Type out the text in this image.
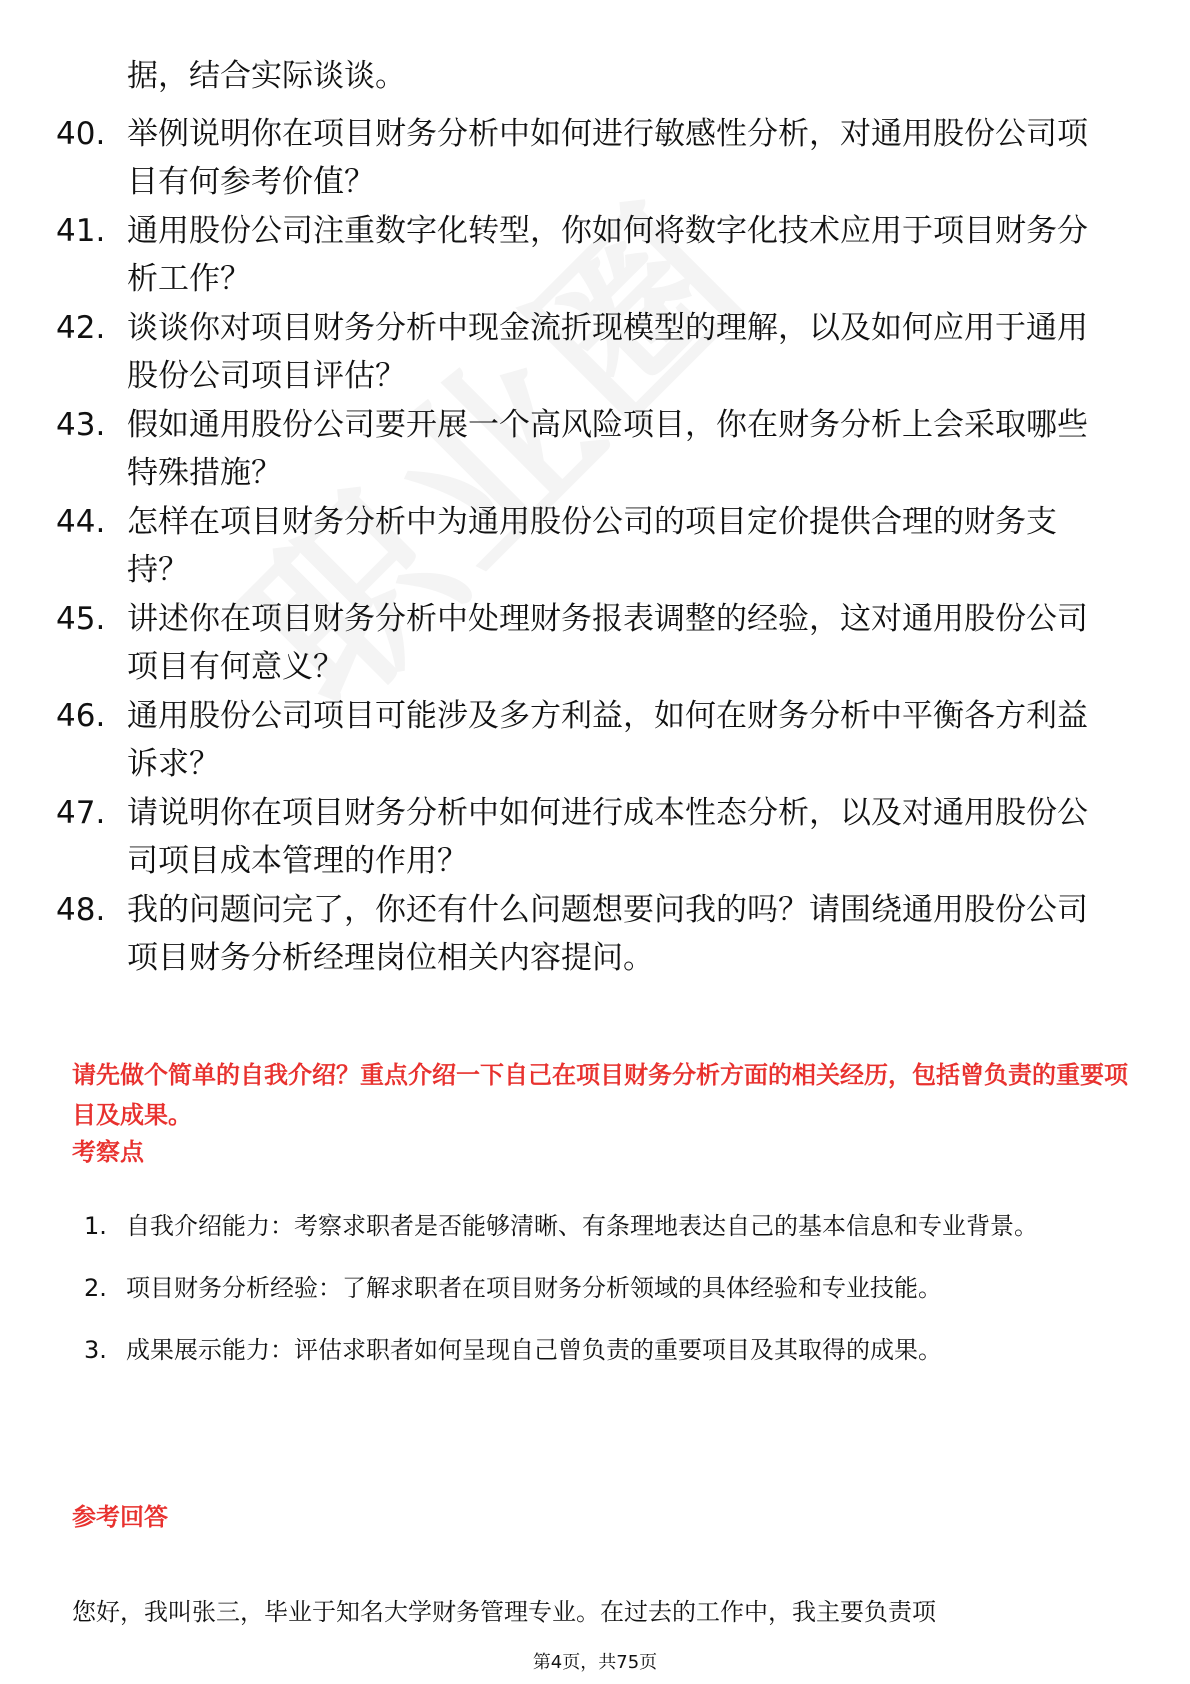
据，结合实际谈谈。
40. 举例说明你在项目财务分析中如何进行敏感性分析，对通用股份公司项目有何参考价值？
41. 通用股份公司注重数字化转型，你如何将数字化技术应用于项目财务分析工作？
42. 谈谈你对项目财务分析中现金流折现模型的理解，以及如何应用于通用股份公司项目评估？
43. 假如通用股份公司要开展一个高风险项目，你在财务分析上会采取哪些特殊措施？
44. 怎样在项目财务分析中为通用股份公司的项目定价提供合理的财务支持？
45. 讲述你在项目财务分析中处理财务报表调整的经验，这对通用股份公司项目有何意义？
46. 通用股份公司项目可能涉及多方利益，如何在财务分析中平衡各方利益诉求？
47. 请说明你在项目财务分析中如何进行成本性态分析，以及对通用股份公司项目成本管理的作用？
48. 我的问题问完了，你还有什么问题想要问我的吗？请围绕通用股份公司项目财务分析经理岗位相关内容提问。
请先做个简单的自我介绍？重点介绍一下自己在项目财务分析方面的相关经历，包括曾负责的重要项目及成果。
考察点
1. 自我介绍能力：考察求职者是否能够清晰、有条理地表达自己的基本信息和专业背景。
2. 项目财务分析经验：了解求职者在项目财务分析领域的具体经验和专业技能。
3. 成果展示能力：评估求职者如何呈现自己曾负责的重要项目及其取得的成果。
参考回答
您好，我叫张三，毕业于知名大学财务管理专业。在过去的工作中，我主要负责项
第4页，共75页
